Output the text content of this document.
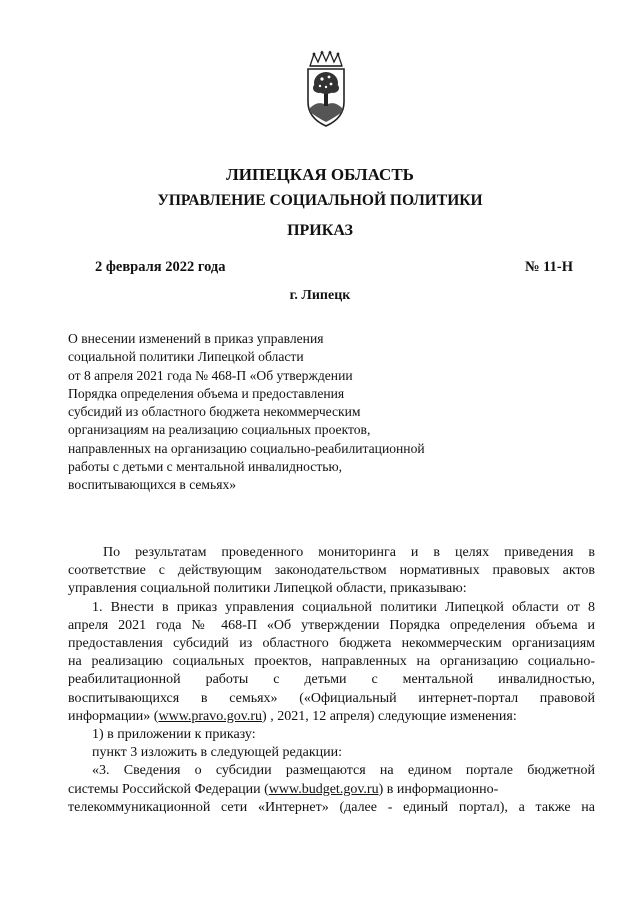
ЛИПЕЦКАЯ ОБЛАСТЬ
УПРАВЛЕНИЕ СОЦИАЛЬНОЙ ПОЛИТИКИ
ПРИКАЗ
2 февраля 2022 года	№ 11-Н
г. Липецк
О внесении изменений в приказ управления
социальной политики Липецкой области
от 8 апреля 2021 года № 468-П «Об утверждении
Порядка определения объема и предоставления
субсидий из областного бюджета некоммерческим
организациям на реализацию социальных проектов,
направленных на организацию социально-реабилитационной
работы с детьми с ментальной инвалидностью,
воспитывающихся в семьях»
По результатам проведенного мониторинга и в целях приведения в
соответствие с действующим законодательством нормативных правовых актов
управления социальной политики Липецкой области, приказываю:
1. Внести в приказ управления социальной политики Липецкой области от 8
апреля 2021 года № 468-П «Об утверждении Порядка определения объема и
предоставления субсидий из областного бюджета некоммерческим организациям
на реализацию социальных проектов, направленных на организацию социально-
реабилитационной работы с детьми с ментальной инвалидностью,
воспитывающихся в семьях» («Официальный интернет-портал правовой
информации» (www.pravo.gov.ru) , 2021, 12 апреля) следующие изменения:
1) в приложении к приказу:
пункт 3 изложить в следующей редакции:
«3. Сведения о субсидии размещаются на едином портале бюджетной
системы Российской Федерации (www.budget.gov.ru) в информационно-
телекоммуникационной сети «Интернет» (далее - единый портал), а также на
